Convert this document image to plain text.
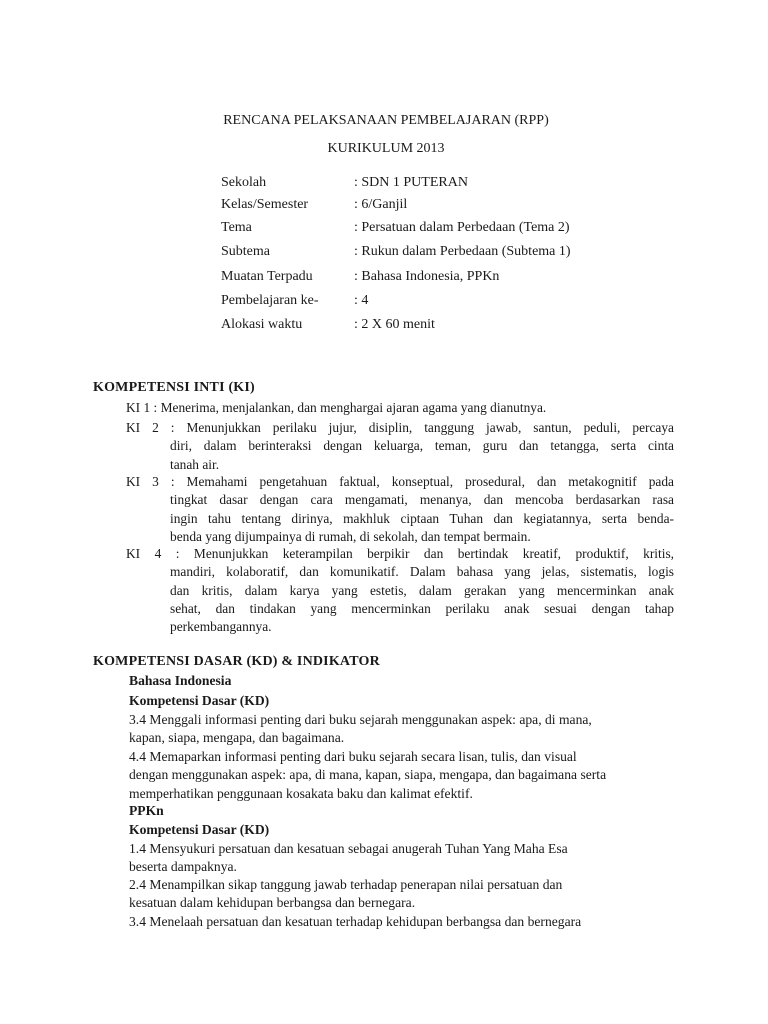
RENCANA PELAKSANAAN PEMBELAJARAN (RPP)
KURIKULUM 2013
Sekolah	: SDN 1 PUTERAN
Kelas/Semester	: 6/Ganjil
Tema	: Persatuan dalam Perbedaan (Tema 2)
Subtema	: Rukun dalam Perbedaan (Subtema 1)
Muatan Terpadu	: Bahasa Indonesia, PPKn
Pembelajaran ke-	: 4
Alokasi waktu	: 2 X 60 menit
KOMPETENSI INTI (KI)
KI 1 : Menerima, menjalankan, dan menghargai ajaran agama yang dianutnya.
KI 2 : Menunjukkan perilaku jujur, disiplin, tanggung jawab, santun, peduli, percaya
diri, dalam berinteraksi dengan keluarga, teman, guru dan tetangga, serta cinta
tanah air.
KI 3 : Memahami pengetahuan faktual, konseptual, prosedural, dan metakognitif pada
tingkat dasar dengan cara mengamati, menanya, dan mencoba berdasarkan rasa
ingin tahu tentang dirinya, makhluk ciptaan Tuhan dan kegiatannya, serta benda-
benda yang dijumpainya di rumah, di sekolah, dan tempat bermain.
KI 4 : Menunjukkan keterampilan berpikir dan bertindak kreatif, produktif, kritis,
mandiri, kolaboratif, dan komunikatif. Dalam bahasa yang jelas, sistematis, logis
dan kritis, dalam karya yang estetis, dalam gerakan yang mencerminkan anak
sehat, dan tindakan yang mencerminkan perilaku anak sesuai dengan tahap
perkembangannya.
KOMPETENSI DASAR (KD) & INDIKATOR
Bahasa Indonesia
Kompetensi Dasar (KD)
3.4 Menggali informasi penting dari buku sejarah menggunakan aspek: apa, di mana,
kapan, siapa, mengapa, dan bagaimana.
4.4 Memaparkan informasi penting dari buku sejarah secara lisan, tulis, dan visual
dengan menggunakan aspek: apa, di mana, kapan, siapa, mengapa, dan bagaimana serta
memperhatikan penggunaan kosakata baku dan kalimat efektif.
PPKn
Kompetensi Dasar (KD)
1.4 Mensyukuri persatuan dan kesatuan sebagai anugerah Tuhan Yang Maha Esa
beserta dampaknya.
2.4 Menampilkan sikap tanggung jawab terhadap penerapan nilai persatuan dan
kesatuan dalam kehidupan berbangsa dan bernegara.
3.4 Menelaah persatuan dan kesatuan terhadap kehidupan berbangsa dan bernegara
